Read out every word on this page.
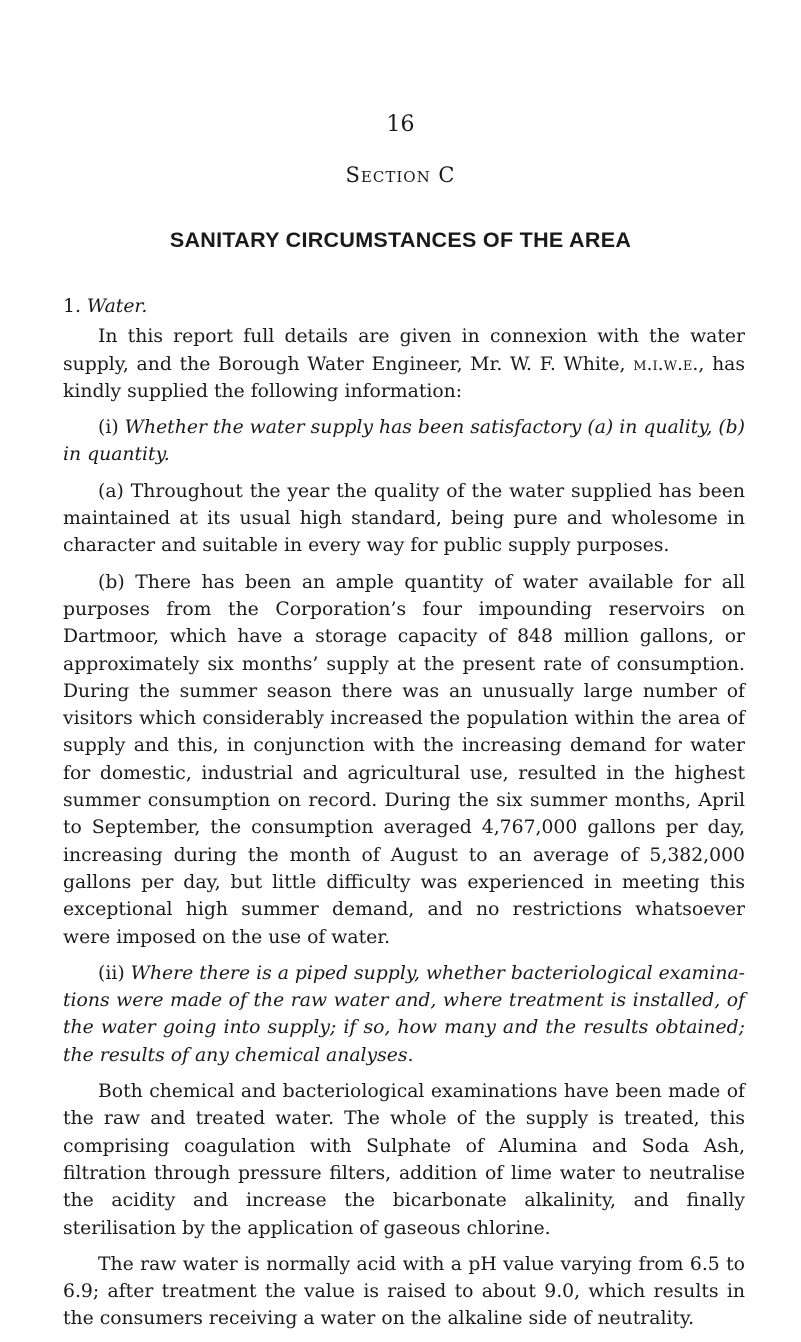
16
Section C
SANITARY CIRCUMSTANCES OF THE AREA

1. Water.

In this report full details are given in connexion with the water supply, and the Borough Water Engineer, Mr. W. F. White, m.i.w.e., has kindly supplied the following information:

(i) Whether the water supply has been satisfactory (a) in quality, (b) in quantity.

(a) Throughout the year the quality of the water supplied has been maintained at its usual high standard, being pure and wholesome in character and suitable in every way for public supply purposes.

(b) There has been an ample quantity of water available for all purposes from the Corporation’s four impounding reservoirs on Dartmoor, which have a storage capacity of 848 million gallons, or approximately six months’ supply at the present rate of consumption. During the summer season there was an unusually large number of visitors which considerably increased the population within the area of supply and this, in conjunction with the increasing demand for water for domestic, industrial and agricultural use, resulted in the highest summer consumption on record. During the six summer months, April to September, the consumption averaged 4,767,000 gallons per day, increasing during the month of August to an average of 5,382,000 gallons per day, but little difficulty was experienced in meeting this exceptional high summer demand, and no restrictions whatsoever were imposed on the use of water.

(ii) Where there is a piped supply, whether bacteriological examinations were made of the raw water and, where treatment is installed, of the water going into supply; if so, how many and the results obtained; the results of any chemical analyses.

Both chemical and bacteriological examinations have been made of the raw and treated water. The whole of the supply is treated, this comprising coagulation with Sulphate of Alumina and Soda Ash, filtration through pressure filters, addition of lime water to neutralise the acidity and increase the bicarbonate alkalinity, and finally sterilisation by the application of gaseous chlorine.

The raw water is normally acid with a pH value varying from 6.5 to 6.9; after treatment the value is raised to about 9.0, which results in the consumers receiving a water on the alkaline side of neutrality.
